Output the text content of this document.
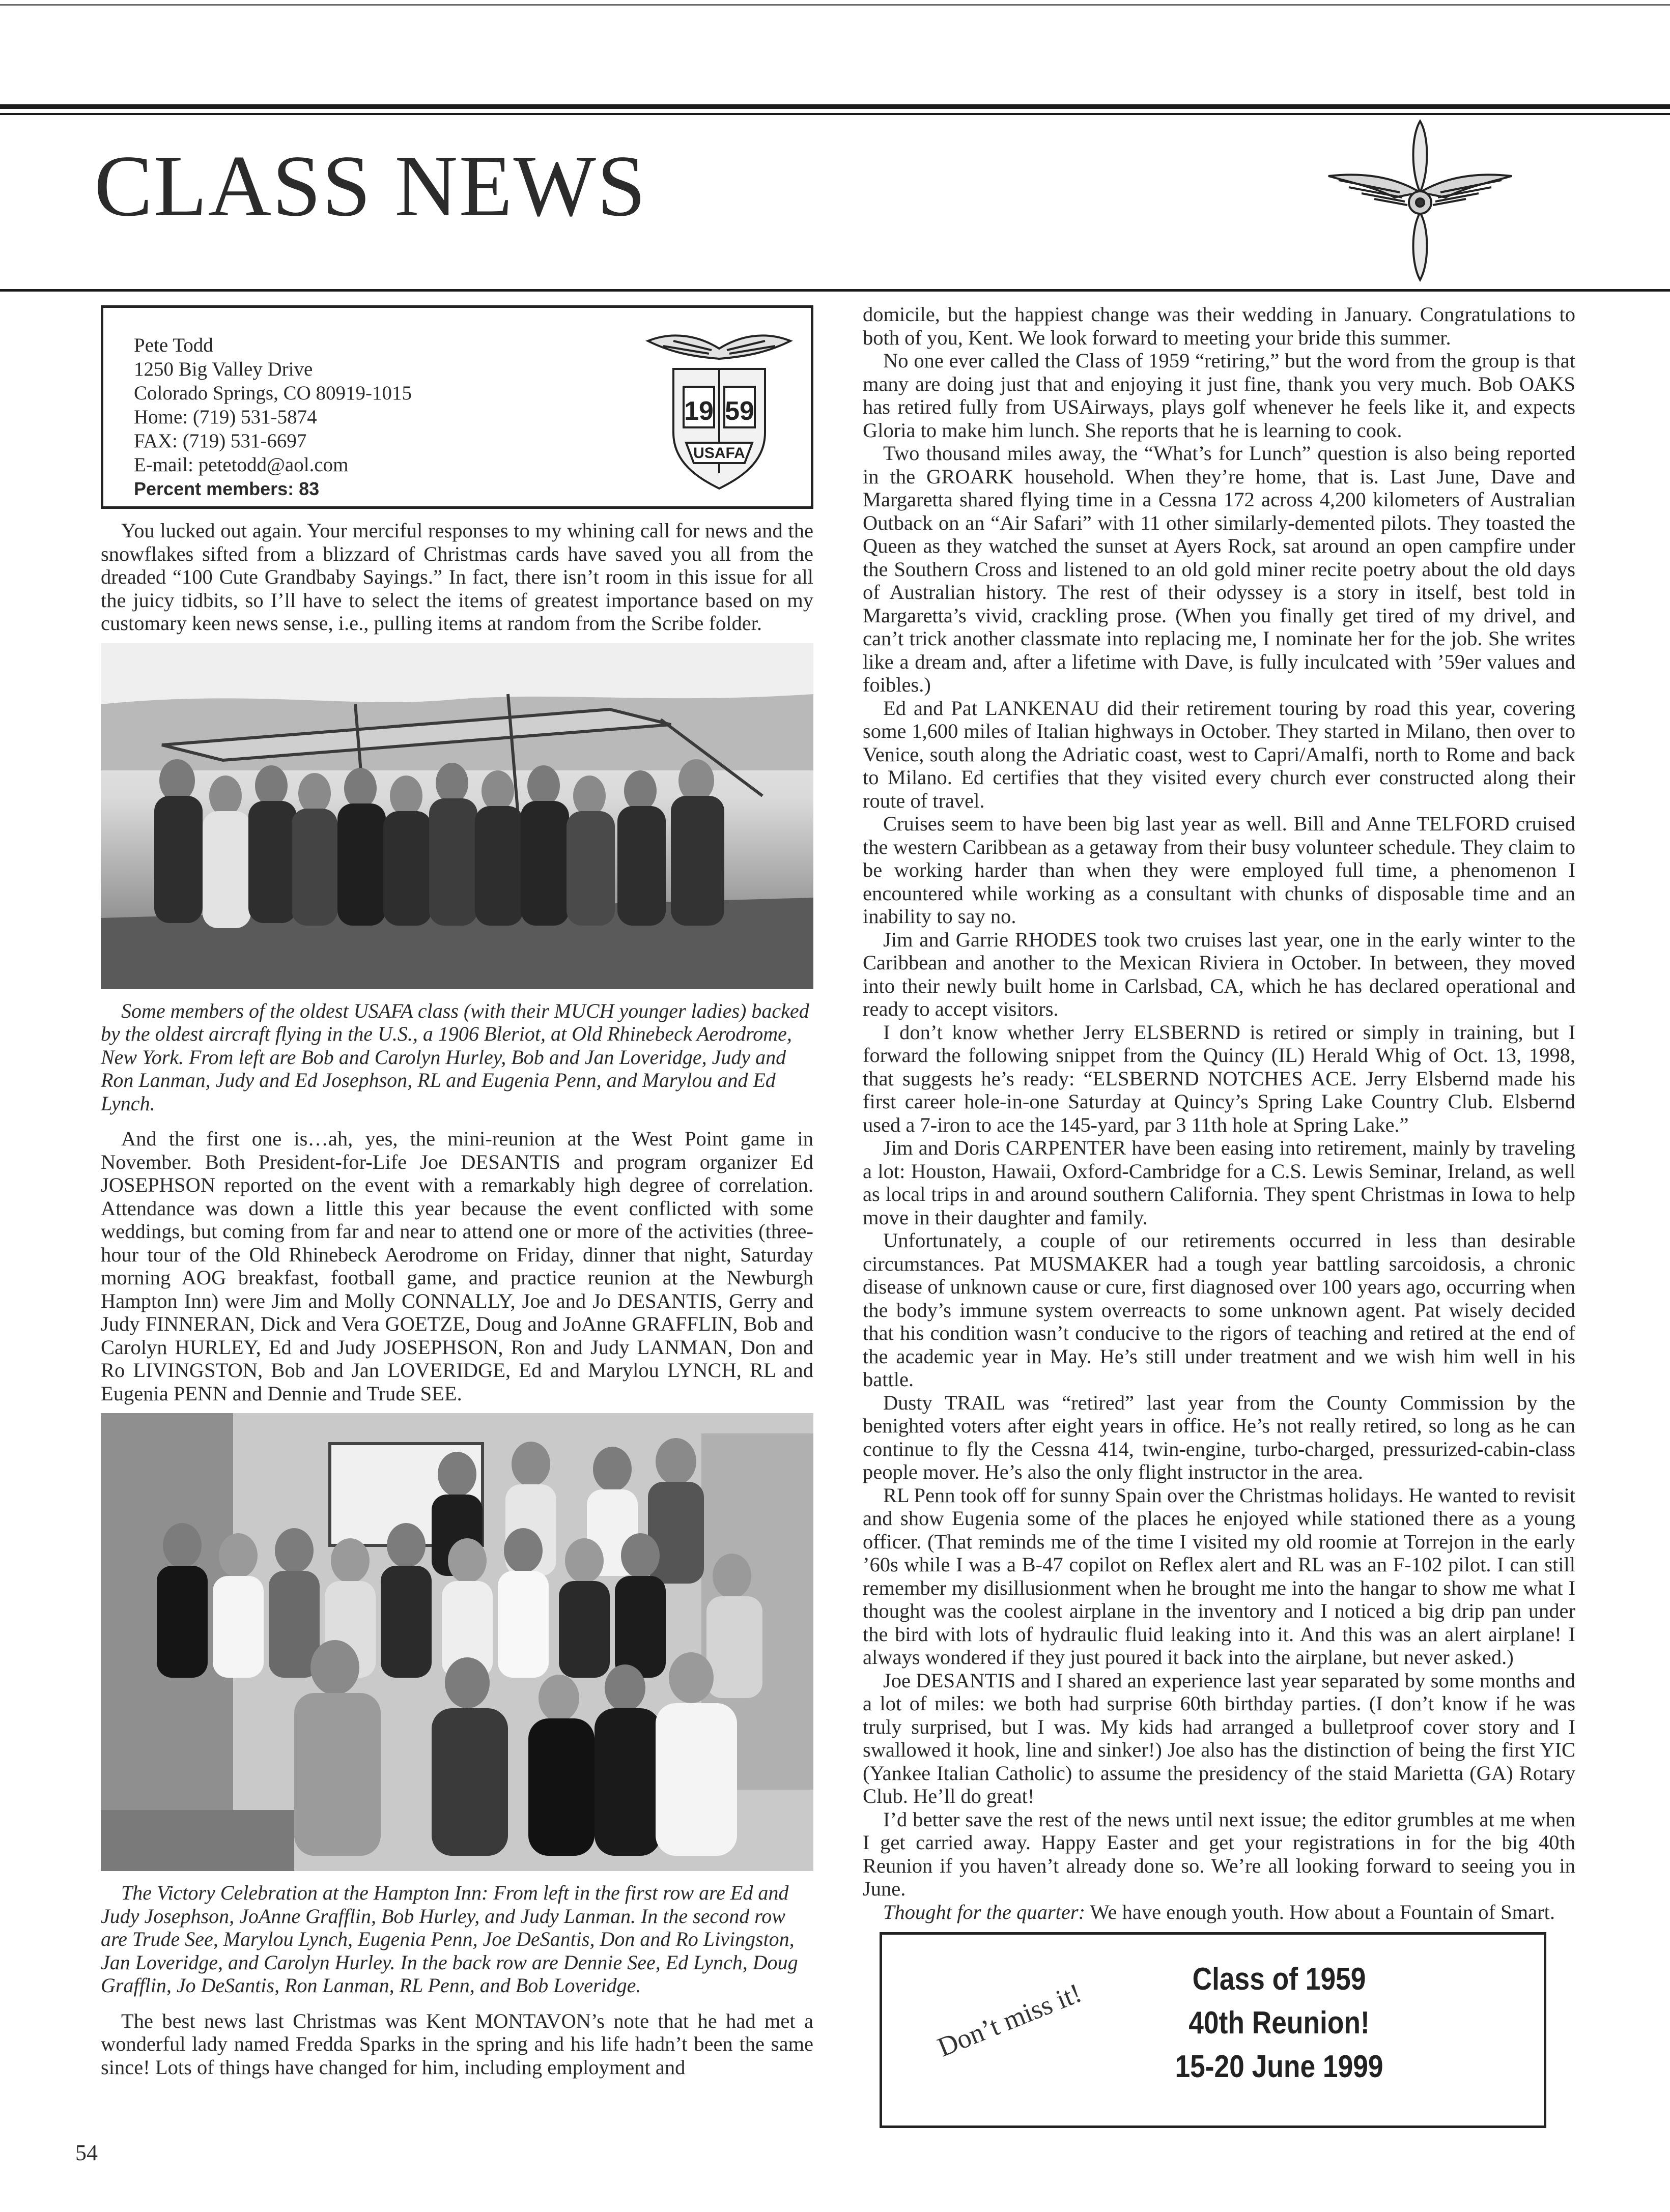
CLASS NEWS
Pete Todd
1250 Big Valley Drive
Colorado Springs, CO 80919-1015
Home: (719) 531-5874
FAX: (719) 531-6697
E-mail: petetodd@aol.com
Percent members: 83
19 59
USAFA

You lucked out again. Your merciful responses to my whining call for news and the snowflakes sifted from a blizzard of Christmas cards have saved you all from the dreaded “100 Cute Grandbaby Sayings.” In fact, there isn’t room in this issue for all the juicy tidbits, so I’ll have to select the items of greatest importance based on my customary keen news sense, i.e., pulling items at random from the Scribe folder.

Some members of the oldest USAFA class (with their MUCH younger ladies) backed by the oldest aircraft flying in the U.S., a 1906 Bleriot, at Old Rhinebeck Aerodrome, New York. From left are Bob and Carolyn Hurley, Bob and Jan Loveridge, Judy and Ron Lanman, Judy and Ed Josephson, RL and Eugenia Penn, and Marylou and Ed Lynch.

And the first one is…ah, yes, the mini-reunion at the West Point game in November. Both President-for-Life Joe DESANTIS and program organizer Ed JOSEPHSON reported on the event with a remarkably high degree of correlation. Attendance was down a little this year because the event conflicted with some weddings, but coming from far and near to attend one or more of the activities (three-hour tour of the Old Rhinebeck Aerodrome on Friday, dinner that night, Saturday morning AOG breakfast, football game, and practice reunion at the Newburgh Hampton Inn) were Jim and Molly CONNALLY, Joe and Jo DESANTIS, Gerry and Judy FINNERAN, Dick and Vera GOETZE, Doug and JoAnne GRAFFLIN, Bob and Carolyn HURLEY, Ed and Judy JOSEPHSON, Ron and Judy LANMAN, Don and Ro LIVINGSTON, Bob and Jan LOVERIDGE, Ed and Marylou LYNCH, RL and Eugenia PENN and Dennie and Trude SEE.

The Victory Celebration at the Hampton Inn: From left in the first row are Ed and Judy Josephson, JoAnne Grafflin, Bob Hurley, and Judy Lanman. In the second row are Trude See, Marylou Lynch, Eugenia Penn, Joe DeSantis, Don and Ro Livingston, Jan Loveridge, and Carolyn Hurley. In the back row are Dennie See, Ed Lynch, Doug Grafflin, Jo DeSantis, Ron Lanman, RL Penn, and Bob Loveridge.

The best news last Christmas was Kent MONTAVON’s note that he had met a wonderful lady named Fredda Sparks in the spring and his life hadn’t been the same since! Lots of things have changed for him, including employment and

domicile, but the happiest change was their wedding in January. Congratulations to both of you, Kent. We look forward to meeting your bride this summer.

No one ever called the Class of 1959 “retiring,” but the word from the group is that many are doing just that and enjoying it just fine, thank you very much. Bob OAKS has retired fully from USAirways, plays golf whenever he feels like it, and expects Gloria to make him lunch. She reports that he is learning to cook.

Two thousand miles away, the “What’s for Lunch” question is also being reported in the GROARK household. When they’re home, that is. Last June, Dave and Margaretta shared flying time in a Cessna 172 across 4,200 kilometers of Australian Outback on an “Air Safari” with 11 other similarly-demented pilots. They toasted the Queen as they watched the sunset at Ayers Rock, sat around an open campfire under the Southern Cross and listened to an old gold miner recite poetry about the old days of Australian history. The rest of their odyssey is a story in itself, best told in Margaretta’s vivid, crackling prose. (When you finally get tired of my drivel, and can’t trick another classmate into replacing me, I nominate her for the job. She writes like a dream and, after a lifetime with Dave, is fully inculcated with ’59er values and foibles.)

Ed and Pat LANKENAU did their retirement touring by road this year, covering some 1,600 miles of Italian highways in October. They started in Milano, then over to Venice, south along the Adriatic coast, west to Capri/Amalfi, north to Rome and back to Milano. Ed certifies that they visited every church ever constructed along their route of travel.

Cruises seem to have been big last year as well. Bill and Anne TELFORD cruised the western Caribbean as a getaway from their busy volunteer schedule. They claim to be working harder than when they were employed full time, a phenomenon I encountered while working as a consultant with chunks of disposable time and an inability to say no.

Jim and Garrie RHODES took two cruises last year, one in the early winter to the Caribbean and another to the Mexican Riviera in October. In between, they moved into their newly built home in Carlsbad, CA, which he has declared operational and ready to accept visitors.

I don’t know whether Jerry ELSBERND is retired or simply in training, but I forward the following snippet from the Quincy (IL) Herald Whig of Oct. 13, 1998, that suggests he’s ready: “ELSBERND NOTCHES ACE. Jerry Elsbernd made his first career hole-in-one Saturday at Quincy’s Spring Lake Country Club. Elsbernd used a 7-iron to ace the 145-yard, par 3 11th hole at Spring Lake.”

Jim and Doris CARPENTER have been easing into retirement, mainly by traveling a lot: Houston, Hawaii, Oxford-Cambridge for a C.S. Lewis Seminar, Ireland, as well as local trips in and around southern California. They spent Christmas in Iowa to help move in their daughter and family.

Unfortunately, a couple of our retirements occurred in less than desirable circumstances. Pat MUSMAKER had a tough year battling sarcoidosis, a chronic disease of unknown cause or cure, first diagnosed over 100 years ago, occurring when the body’s immune system overreacts to some unknown agent. Pat wisely decided that his condition wasn’t conducive to the rigors of teaching and retired at the end of the academic year in May. He’s still under treatment and we wish him well in his battle.

Dusty TRAIL was “retired” last year from the County Commission by the benighted voters after eight years in office. He’s not really retired, so long as he can continue to fly the Cessna 414, twin-engine, turbo-charged, pressurized-cabin-class people mover. He’s also the only flight instructor in the area.

RL Penn took off for sunny Spain over the Christmas holidays. He wanted to revisit and show Eugenia some of the places he enjoyed while stationed there as a young officer. (That reminds me of the time I visited my old roomie at Torrejon in the early ’60s while I was a B-47 copilot on Reflex alert and RL was an F-102 pilot. I can still remember my disillusionment when he brought me into the hangar to show me what I thought was the coolest airplane in the inventory and I noticed a big drip pan under the bird with lots of hydraulic fluid leaking into it. And this was an alert airplane! I always wondered if they just poured it back into the airplane, but never asked.)

Joe DESANTIS and I shared an experience last year separated by some months and a lot of miles: we both had surprise 60th birthday parties. (I don’t know if he was truly surprised, but I was. My kids had arranged a bulletproof cover story and I swallowed it hook, line and sinker!) Joe also has the distinction of being the first YIC (Yankee Italian Catholic) to assume the presidency of the staid Marietta (GA) Rotary Club. He’ll do great!

I’d better save the rest of the news until next issue; the editor grumbles at me when I get carried away. Happy Easter and get your registrations in for the big 40th Reunion if you haven’t already done so. We’re all looking forward to seeing you in June.

Thought for the quarter: We have enough youth. How about a Fountain of Smart.

Don’t miss it!	Class of 1959
40th Reunion!
15-20 June 1999
54
